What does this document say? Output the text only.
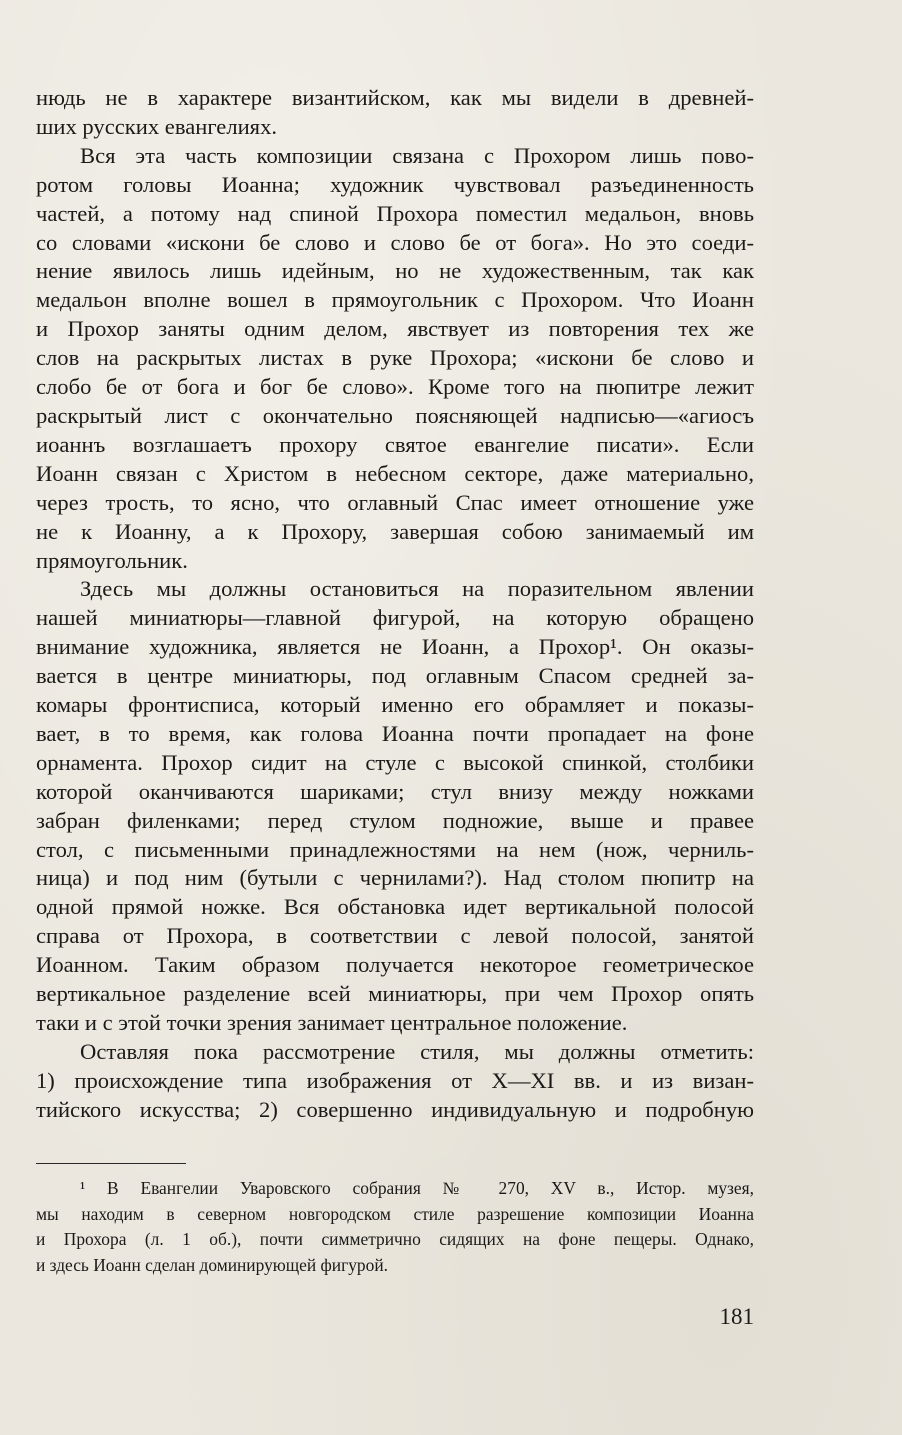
нюдь не в характере византийском, как мы видели в древней-
ших русских евангелиях.

Вся эта часть композиции связана с Прохором лишь пово-
ротом головы Иоанна; художник чувствовал разъединенность
частей, а потому над спиной Прохора поместил медальон, вновь
со словами «искони бе слово и слово бе от бога». Но это соеди-
нение явилось лишь идейным, но не художественным, так как
медальон вполне вошел в прямоугольник с Прохором. Что Иоанн
и Прохор заняты одним делом, явствует из повторения тех же
слов на раскрытых листах в руке Прохора; «искони бе слово и
слобо бе от бога и бог бе слово». Кроме того на пюпитре лежит
раскрытый лист с окончательно поясняющей надписью—«агиосъ
иоаннъ возглашаетъ прохору святое евангелие писати». Если
Иоанн связан с Христом в небесном секторе, даже материально,
через трость, то ясно, что оглавный Спас имеет отношение уже
не к Иоанну, а к Прохору, завершая собою занимаемый им
прямоугольник.

Здесь мы должны остановиться на поразительном явлении
нашей миниатюры—главной фигурой, на которую обращено
внимание художника, является не Иоанн, а Прохор¹. Он оказы-
вается в центре миниатюры, под оглавным Спасом средней за-
комары фронтисписа, который именно его обрамляет и показы-
вает, в то время, как голова Иоанна почти пропадает на фоне
орнамента. Прохор сидит на стуле с высокой спинкой, столбики
которой оканчиваются шариками; стул внизу между ножками
забран филенками; перед стулом подножие, выше и правее
стол, с письменными принадлежностями на нем (нож, черниль-
ница) и под ним (бутыли с чернилами?). Над столом пюпитр на
одной прямой ножке. Вся обстановка идет вертикальной полосой
справа от Прохора, в соответствии с левой полосой, занятой
Иоанном. Таким образом получается некоторое геометрическое
вертикальное разделение всей миниатюры, при чем Прохор опять
таки и с этой точки зрения занимает центральное положение.

Оставляя пока рассмотрение стиля, мы должны отметить:
1) происхождение типа изображения от X—XI вв. и из визан-
тийского искусства; 2) совершенно индивидуальную и подробную

¹ В Евангелии Уваровского собрания № 270, XV в., Истор. музея,
мы находим в северном новгородском стиле разрешение композиции Иоанна
и Прохора (л. 1 об.), почти симметрично сидящих на фоне пещеры. Однако,
и здесь Иоанн сделан доминирующей фигурой.

181
